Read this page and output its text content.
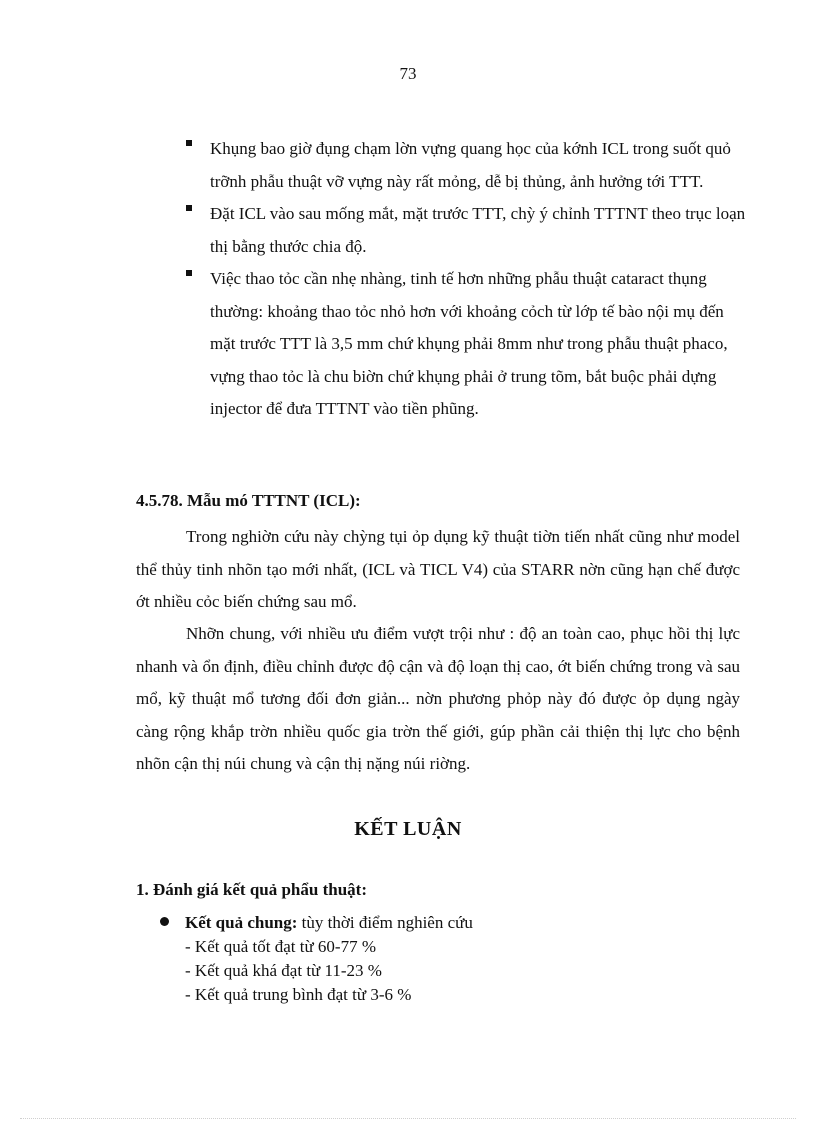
73
Khụng bao giờ đụng chạm lờn vựng quang học của kớnh ICL trong suốt quỏ trỡnh phẫu thuật vỡ vựng này rất mỏng, dễ bị thủng, ảnh hưởng tới TTT.
Đặt ICL vào sau mống mắt, mặt trước TTT, chỳ ý chỉnh TTTNT theo trục loạn thị bằng thước chia độ.
Việc thao tỏc cần nhẹ nhàng, tinh tế hơn những phẫu thuật cataract thụng thường: khoảng thao tỏc nhỏ hơn với khoảng cỏch từ lớp tế bào nội mụ đến mặt trước TTT là 3,5 mm chứ khụng phải 8mm như trong phẫu thuật phaco, vựng thao tỏc là chu biờn chứ khụng phải ở trung tõm, bắt buộc phải dựng injector để đưa TTTNT vào tiền phũng.
4.5.78. Mẫu mó TTTNT (ICL):

Trong nghiờn cứu này chỳng tụi ỏp dụng kỹ thuật tiờn tiến nhất cũng như model thể thủy tinh nhõn tạo mới nhất, (ICL và TICL V4) của STARR nờn cũng hạn chế được ớt nhiều cỏc biến chứng sau mổ.

Nhỡn chung, với nhiều ưu điểm vượt trội như : độ an toàn cao, phục hồi thị lực nhanh và ổn định, điều chỉnh được độ cận và độ loạn thị cao, ớt biến chứng trong và sau mổ, kỹ thuật mổ tương đối đơn giản... nờn phương phỏp này đó được ỏp dụng ngày càng rộng khắp trờn nhiều quốc gia trờn thế giới, gúp phần cải thiện thị lực cho bệnh nhõn cận thị núi chung và cận thị nặng núi riờng.

KẾT LUẬN
1. Đánh giá kết quả phẩu thuật:
Kết quả chung: tùy thời điểm nghiên cứu
- Kết quả tốt đạt từ 60-77 %
- Kết quả khá đạt từ 11-23 %
- Kết quả trung bình đạt từ 3-6 %
